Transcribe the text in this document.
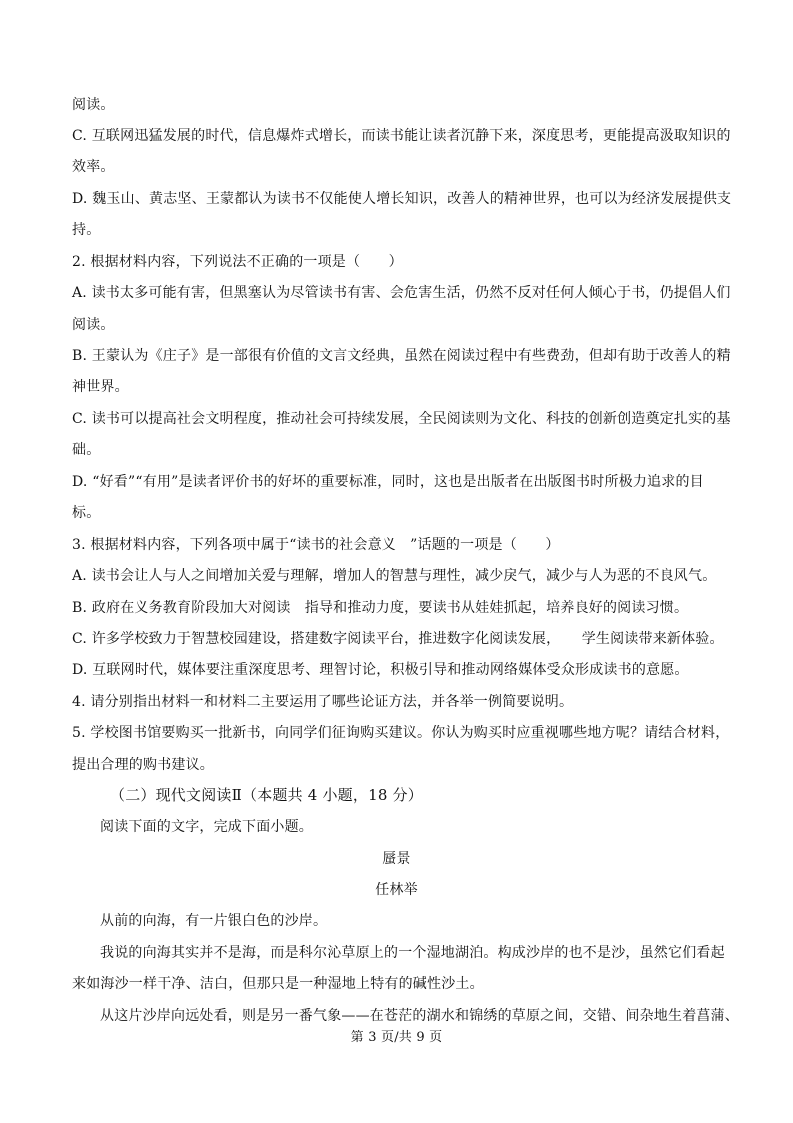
阅读。
C. 互联网迅猛发展的时代，信息爆炸式增长，而读书能让读者沉静下来，深度思考，更能提高汲取知识的
效率。
D. 魏玉山、黄志坚、王蒙都认为读书不仅能使人增长知识，改善人的精神世界，也可以为经济发展提供支
持。
2. 根据材料内容，下列说法不正确的一项是（　　）
A. 读书太多可能有害，但黑塞认为尽管读书有害、会危害生活，仍然不反对任何人倾心于书，仍提倡人们
阅读。
B. 王蒙认为《庄子》是一部很有价值的文言文经典，虽然在阅读过程中有些费劲，但却有助于改善人的精
神世界。
C. 读书可以提高社会文明程度，推动社会可持续发展，全民阅读则为文化、科技的创新创造奠定扎实的基
础。
D. “好看”“有用”是读者评价书的好坏的重要标准，同时，这也是出版者在出版图书时所极力追求的目
标。
3. 根据材料内容，下列各项中属于“读书的社会意义　”话题的一项是（　　）
A. 读书会让人与人之间增加关爱与理解，增加人的智慧与理性，减少戾气，减少与人为恶的不良风气。
B. 政府在义务教育阶段加大对阅读　指导和推动力度，要读书从娃娃抓起，培养良好的阅读习惯。
C. 许多学校致力于智慧校园建设，搭建数字阅读平台，推进数字化阅读发展，　　学生阅读带来新体验。
D. 互联网时代，媒体要注重深度思考、理智讨论，积极引导和推动网络媒体受众形成读书的意愿。
4. 请分别指出材料一和材料二主要运用了哪些论证方法，并各举一例简要说明。
5. 学校图书馆要购买一批新书，向同学们征询购买建议。你认为购买时应重视哪些地方呢？请结合材料，
提出合理的购书建议。
（二）现代文阅读Ⅱ（本题共 4 小题，18 分）
阅读下面的文字，完成下面小题。
蜃景
任林举
从前的向海，有一片银白色的沙岸。
我说的向海其实并不是海，而是科尔沁草原上的一个湿地湖泊。构成沙岸的也不是沙，虽然它们看起
来如海沙一样干净、洁白，但那只是一种湿地上特有的碱性沙土。
从这片沙岸向远处看，则是另一番气象——在苍茫的湖水和锦绣的草原之间，交错、间杂地生着菖蒲、
第 3 页/共 9 页
